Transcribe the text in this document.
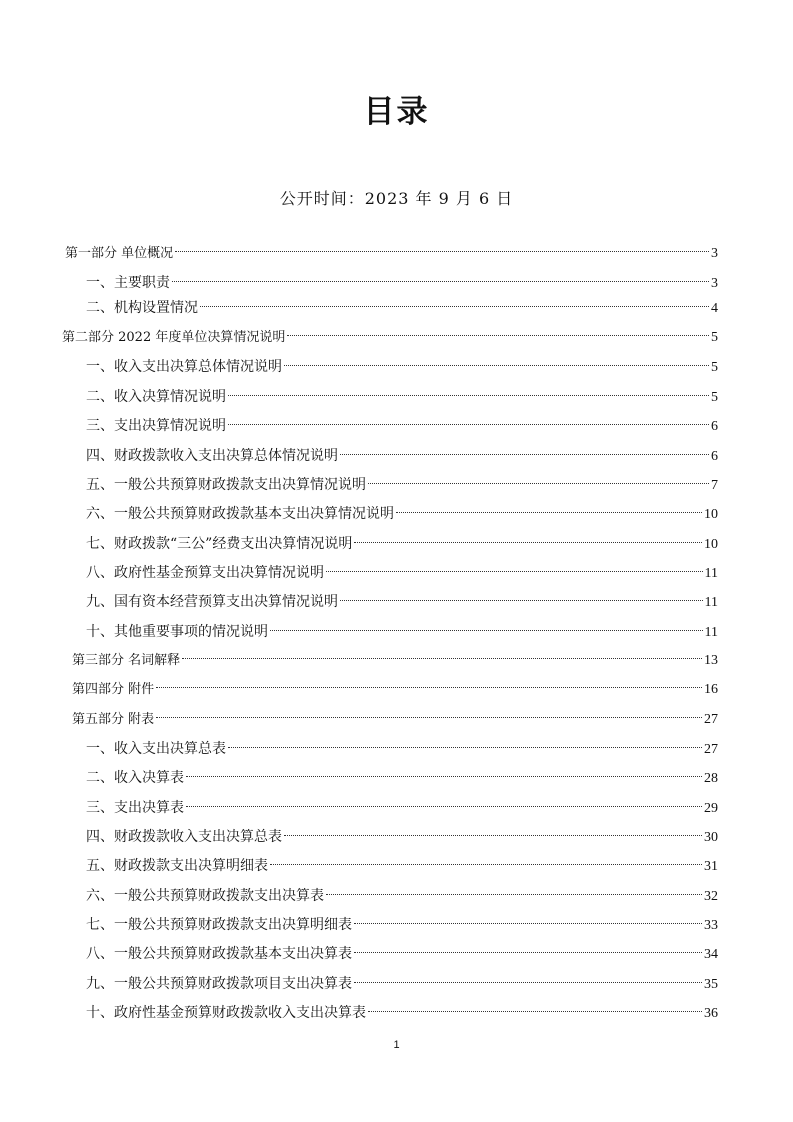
目录
公开时间：2023 年 9 月 6 日
第一部分 单位概况	3
一、主要职责	3
二、机构设置情况	4
第二部分 2022 年度单位决算情况说明	5
一、收入支出决算总体情况说明	5
二、收入决算情况说明	5
三、支出决算情况说明	6
四、财政拨款收入支出决算总体情况说明	6
五、一般公共预算财政拨款支出决算情况说明	7
六、一般公共预算财政拨款基本支出决算情况说明	10
七、财政拨款“三公”经费支出决算情况说明	10
八、政府性基金预算支出决算情况说明	11
九、国有资本经营预算支出决算情况说明	11
十、其他重要事项的情况说明	11
第三部分 名词解释	13
第四部分 附件	16
第五部分 附表	27
一、收入支出决算总表	27
二、收入决算表	28
三、支出决算表	29
四、财政拨款收入支出决算总表	30
五、财政拨款支出决算明细表	31
六、一般公共预算财政拨款支出决算表	32
七、一般公共预算财政拨款支出决算明细表	33
八、一般公共预算财政拨款基本支出决算表	34
九、一般公共预算财政拨款项目支出决算表	35
十、政府性基金预算财政拨款收入支出决算表	36
1
